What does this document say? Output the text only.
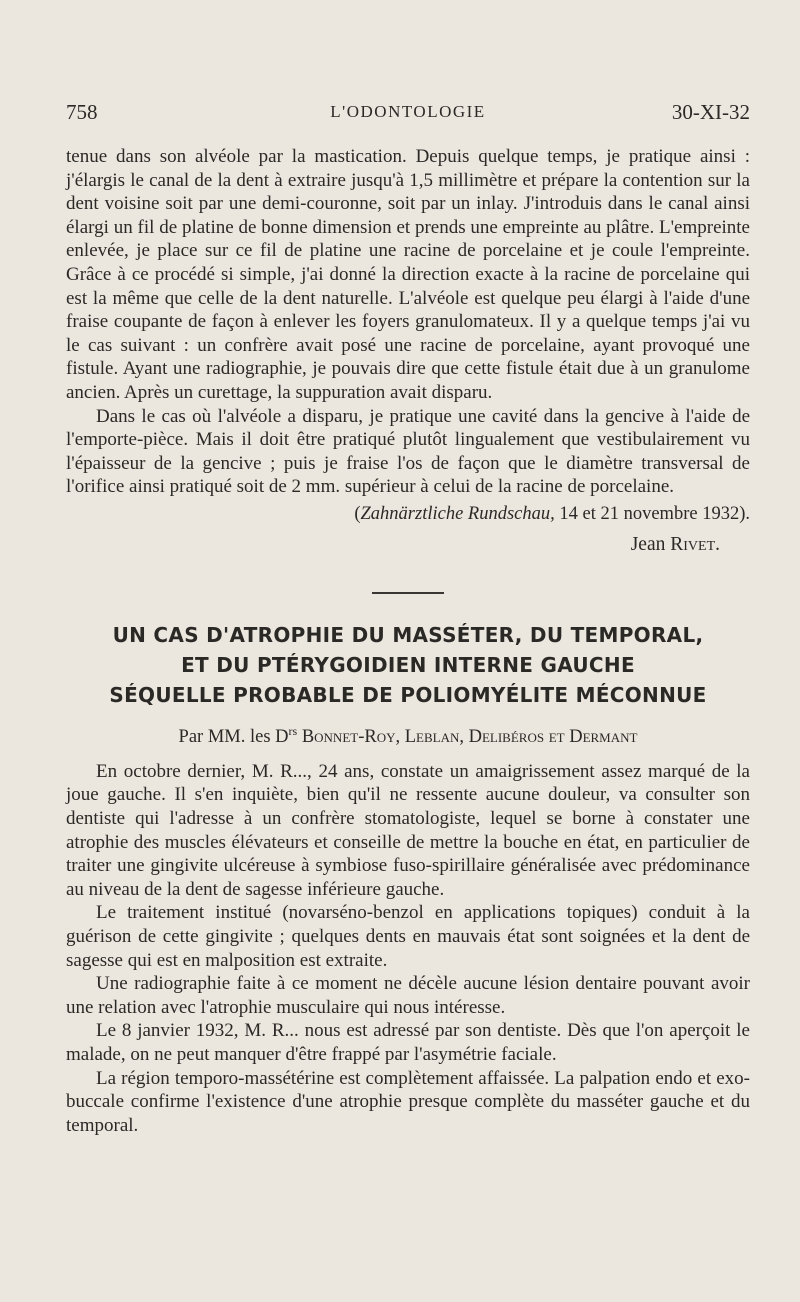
758	L'ODONTOLOGIE	30-XI-32

tenue dans son alvéole par la mastication. Depuis quelque temps, je pratique ainsi : j'élargis le canal de la dent à extraire jusqu'à 1,5 millimètre et prépare la contention sur la dent voisine soit par une demi-couronne, soit par un inlay. J'introduis dans le canal ainsi élargi un fil de platine de bonne dimension et prends une empreinte au plâtre. L'empreinte enlevée, je place sur ce fil de platine une racine de porcelaine et je coule l'empreinte. Grâce à ce procédé si simple, j'ai donné la direction exacte à la racine de porcelaine qui est la même que celle de la dent naturelle. L'alvéole est quelque peu élargi à l'aide d'une fraise coupante de façon à enlever les foyers granulomateux. Il y a quelque temps j'ai vu le cas suivant : un confrère avait posé une racine de porcelaine, ayant provoqué une fistule. Ayant une radiographie, je pouvais dire que cette fistule était due à un granulome ancien. Après un curettage, la suppuration avait disparu.

Dans le cas où l'alvéole a disparu, je pratique une cavité dans la gencive à l'aide de l'emporte-pièce. Mais il doit être pratiqué plutôt lingualement que vestibulairement vu l'épaisseur de la gencive ; puis je fraise l'os de façon que le diamètre transversal de l'orifice ainsi pratiqué soit de 2 mm. supérieur à celui de la racine de porcelaine.

(Zahnärztliche Rundschau, 14 et 21 novembre 1932).

Jean Rivet.

UN CAS D'ATROPHIE DU MASSÉTER, DU TEMPORAL,
ET DU PTÉRYGOIDIEN INTERNE GAUCHE
SÉQUELLE PROBABLE DE POLIOMYÉLITE MÉCONNUE

Par MM. les $D^{rs}$ Bonnet-Roy, Leblan, Delibéros et Dermant

En octobre dernier, M. R..., 24 ans, constate un amaigrissement assez marqué de la joue gauche. Il s'en inquiète, bien qu'il ne ressente aucune douleur, va consulter son dentiste qui l'adresse à un confrère stomatologiste, lequel se borne à constater une atrophie des muscles élévateurs et conseille de mettre la bouche en état, en particulier de traiter une gingivite ulcéreuse à symbiose fuso-spirillaire généralisée avec prédominance au niveau de la dent de sagesse inférieure gauche.

Le traitement institué (novarséno-benzol en applications topiques) conduit à la guérison de cette gingivite ; quelques dents en mauvais état sont soignées et la dent de sagesse qui est en malposition est extraite.

Une radiographie faite à ce moment ne décèle aucune lésion dentaire pouvant avoir une relation avec l'atrophie musculaire qui nous intéresse.

Le 8 janvier 1932, M. R... nous est adressé par son dentiste. Dès que l'on aperçoit le malade, on ne peut manquer d'être frappé par l'asymétrie faciale.

La région temporo-massétérine est complètement affaissée. La palpation endo et exo-buccale confirme l'existence d'une atrophie presque complète du masséter gauche et du temporal.
